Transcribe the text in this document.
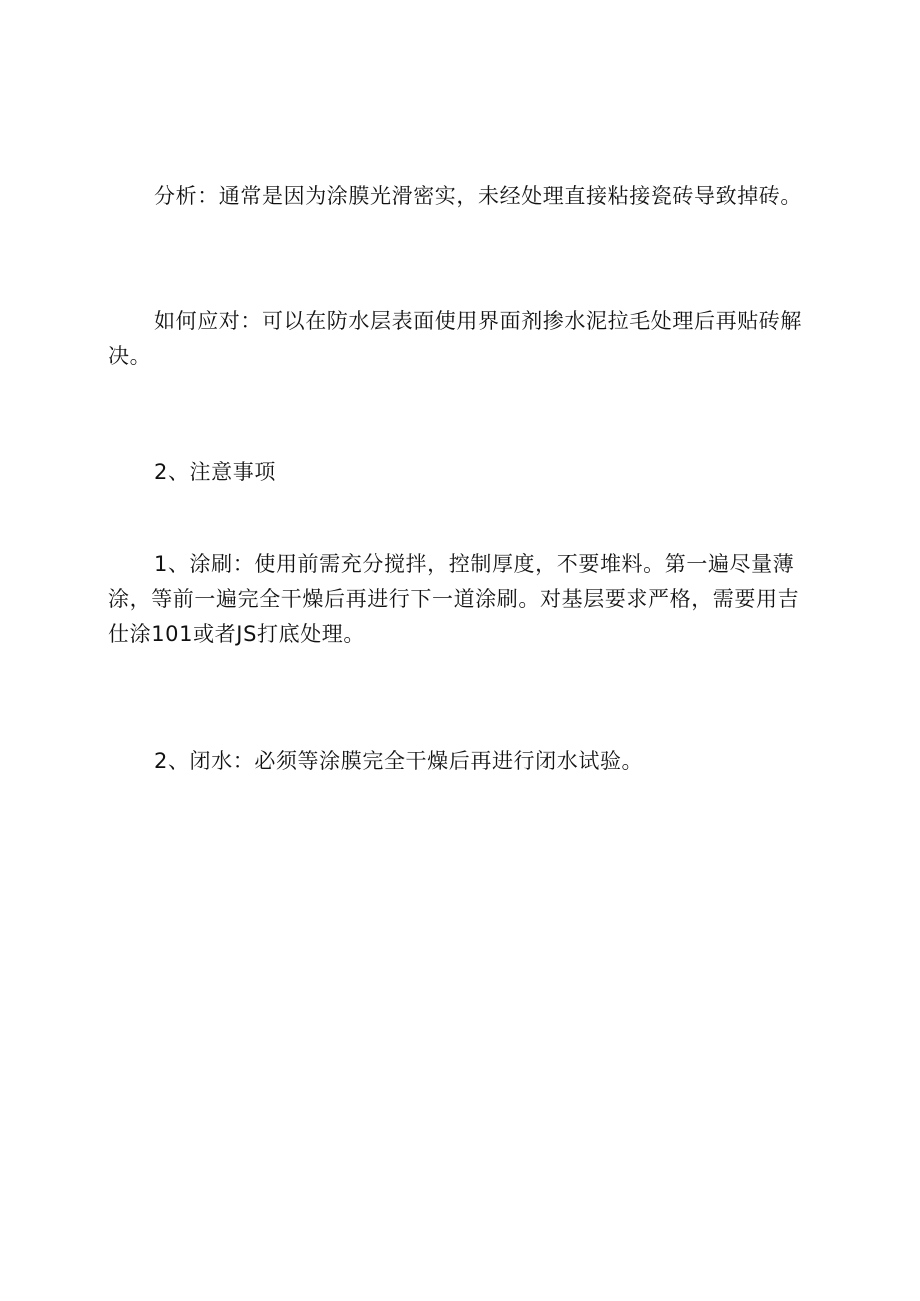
分析：通常是因为涂膜光滑密实，未经处理直接粘接瓷砖导致掉砖。

如何应对：可以在防水层表面使用界面剂掺水泥拉毛处理后再贴砖解决。

2、注意事项

1、涂刷：使用前需充分搅拌，控制厚度，不要堆料。第一遍尽量薄涂，等前一遍完全干燥后再进行下一道涂刷。对基层要求严格，需要用吉仕涂101或者JS打底处理。

2、闭水：必须等涂膜完全干燥后再进行闭水试验。
